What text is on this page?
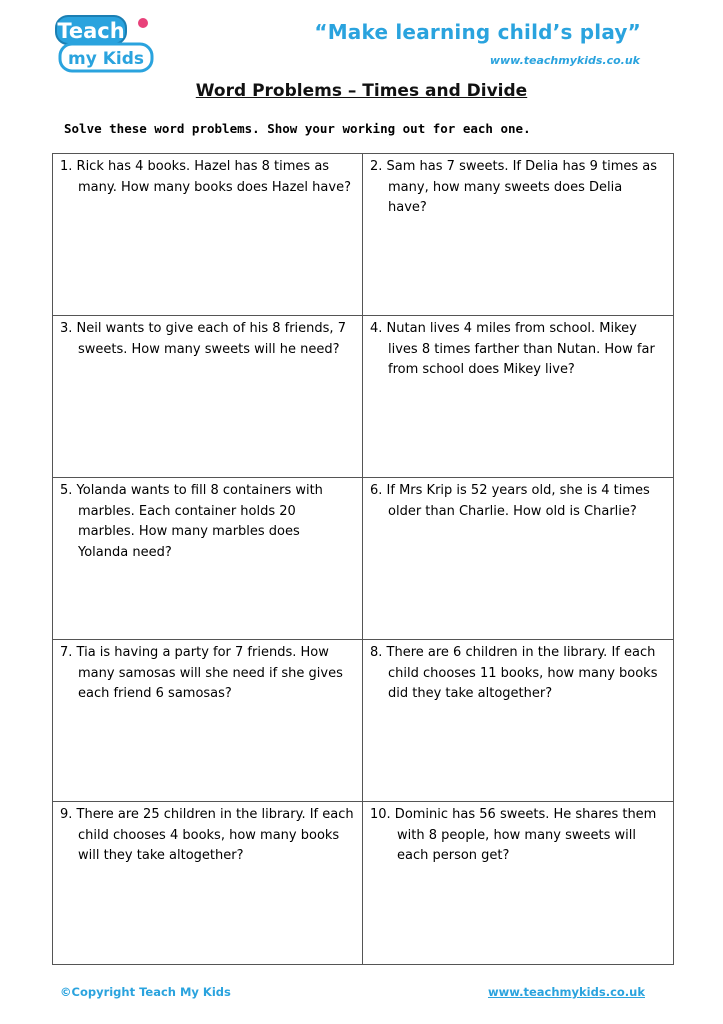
Teach
my Kids
“Make learning child’s play”
www.teachmykids.co.uk
Word Problems – Times and Divide
Solve these word problems. Show your working out for each one.
1. Rick has 4 books. Hazel has 8 times as many. How many books does Hazel have?
2. Sam has 7 sweets. If Delia has 9 times as many, how many sweets does Delia have?
3. Neil wants to give each of his 8 friends, 7 sweets. How many sweets will he need?
4. Nutan lives 4 miles from school. Mikey lives 8 times farther than Nutan. How far from school does Mikey live?
5. Yolanda wants to fill 8 containers with marbles. Each container holds 20 marbles. How many marbles does Yolanda need?
6. If Mrs Krip is 52 years old, she is 4 times older than Charlie. How old is Charlie?
7. Tia is having a party for 7 friends. How many samosas will she need if she gives each friend 6 samosas?
8. There are 6 children in the library. If each child chooses 11 books, how many books did they take altogether?
9. There are 25 children in the library. If each child chooses 4 books, how many books will they take altogether?
10. Dominic has 56 sweets. He shares them with 8 people, how many sweets will each person get?
©Copyright Teach My Kids	www.teachmykids.co.uk
